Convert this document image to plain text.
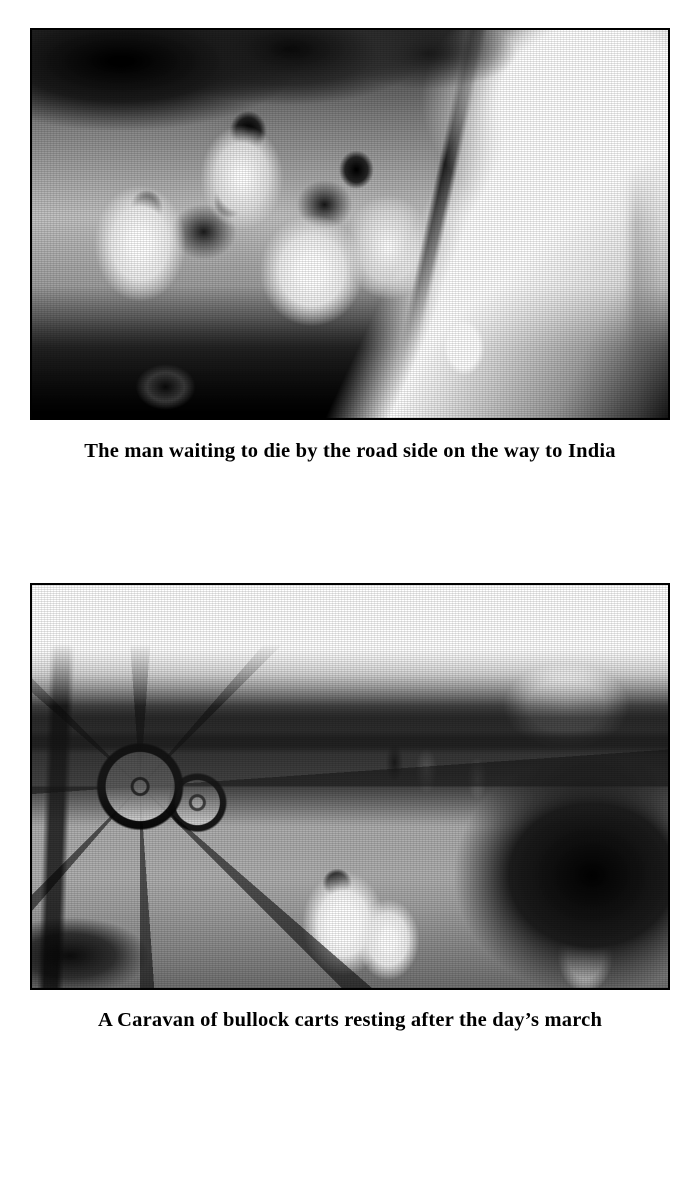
The man waiting to die by the road side on the way to India
A Caravan of bullock carts resting after the day’s march
